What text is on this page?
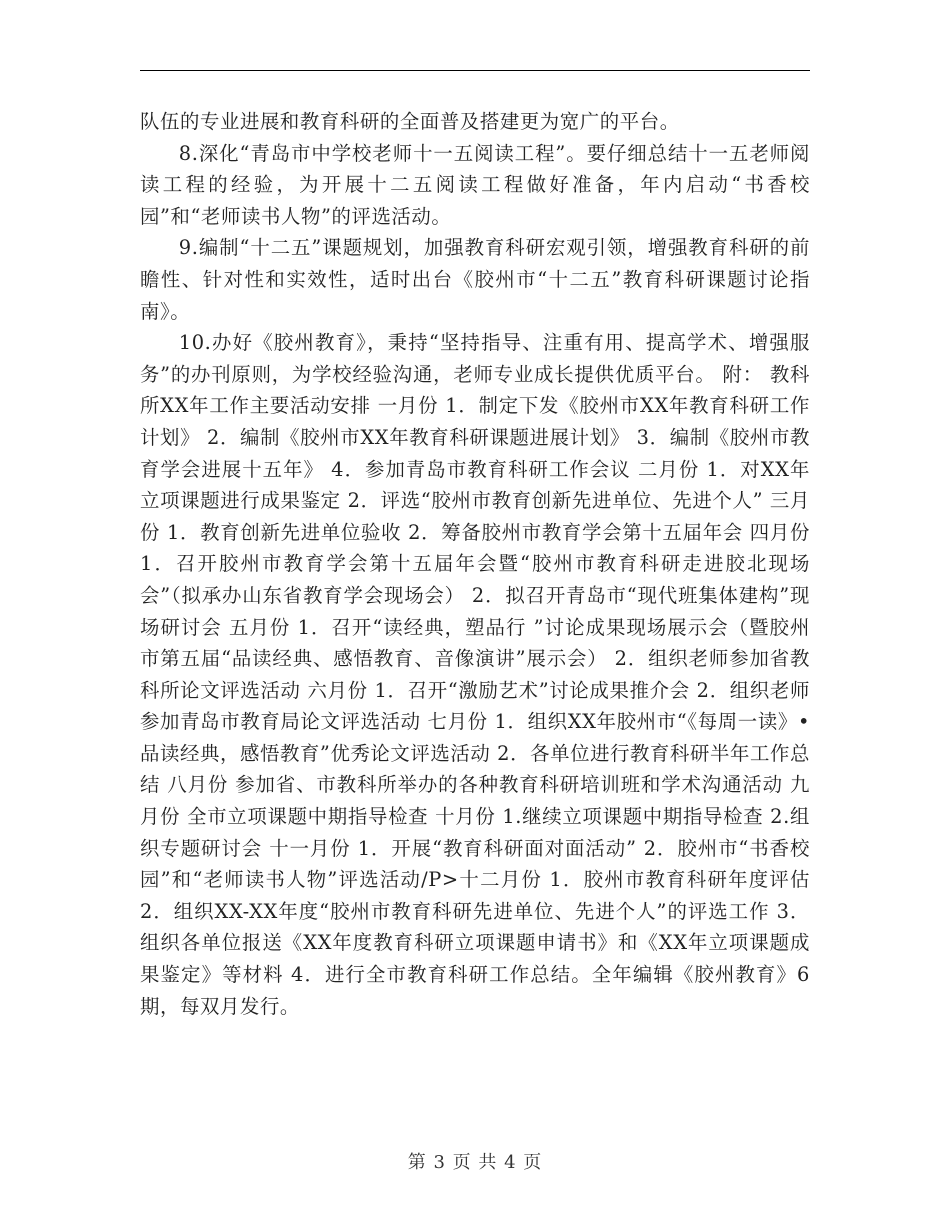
队伍的专业进展和教育科研的全面普及搭建更为宽广的平台。

8.深化“青岛市中学校老师十一五阅读工程”。要仔细总结十一五老师阅读工程的经验，为开展十二五阅读工程做好准备，年内启动“书香校园”和“老师读书人物”的评选活动。

9.编制“十二五”课题规划，加强教育科研宏观引领，增强教育科研的前瞻性、针对性和实效性，适时出台《胶州市“十二五”教育科研课题讨论指南》。

10.办好《胶州教育》，秉持“坚持指导、注重有用、提高学术、增强服务”的办刊原则，为学校经验沟通，老师专业成长提供优质平台。 附： 教科所XX年工作主要活动安排 一月份 1．制定下发《胶州市XX年教育科研工作计划》 2．编制《胶州市XX年教育科研课题进展计划》 3．编制《胶州市教育学会进展十五年》 4．参加青岛市教育科研工作会议 二月份 1．对XX年立项课题进行成果鉴定 2．评选“胶州市教育创新先进单位、先进个人” 三月份 1．教育创新先进单位验收 2．筹备胶州市教育学会第十五届年会 四月份 1．召开胶州市教育学会第十五届年会暨“胶州市教育科研走进胶北现场会”（拟承办山东省教育学会现场会） 2．拟召开青岛市“现代班集体建构”现场研讨会 五月份 1．召开“读经典，塑品行 ”讨论成果现场展示会（暨胶州市第五届“品读经典、感悟教育、音像演讲”展示会） 2．组织老师参加省教科所论文评选活动 六月份 1．召开“激励艺术”讨论成果推介会 2．组织老师参加青岛市教育局论文评选活动 七月份 1．组织XX年胶州市“《每周一读》•品读经典，感悟教育”优秀论文评选活动 2．各单位进行教育科研半年工作总结 八月份 参加省、市教科所举办的各种教育科研培训班和学术沟通活动 九月份 全市立项课题中期指导检查 十月份 1.继续立项课题中期指导检查 2.组织专题研讨会 十一月份 1．开展“教育科研面对面活动” 2．胶州市“书香校园”和“老师读书人物”评选活动/P>十二月份 1．胶州市教育科研年度评估 2．组织XX-XX年度“胶州市教育科研先进单位、先进个人”的评选工作 3．组织各单位报送《XX年度教育科研立项课题申请书》和《XX年立项课题成果鉴定》等材料 4．进行全市教育科研工作总结。全年编辑《胶州教育》6期，每双月发行。

第 3 页 共 4 页
